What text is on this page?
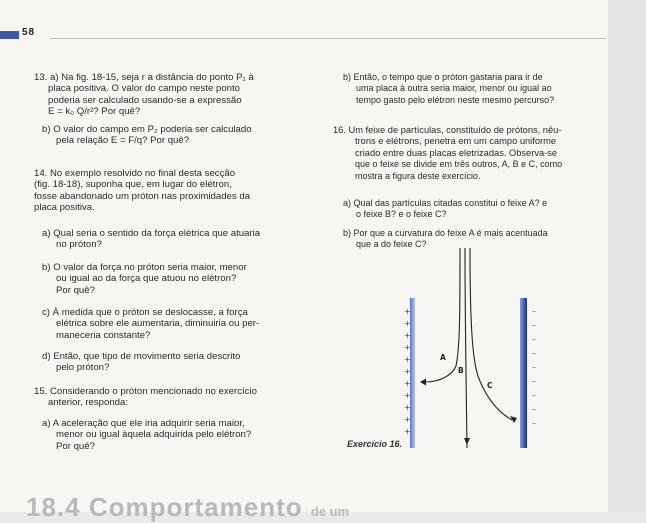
58
13. a) Na fig. 18-15, seja r a distância do ponto P₁ à
placa positiva. O valor do campo neste ponto
poderia ser calculado usando-se a expressão
E = k₀ Q/r²? Por quê?
b) O valor do campo em P₂ poderia ser calculado
pela relação E = F/q? Por quê?
14. No exemplo resolvido no final desta secção
(fig. 18-18), suponha que, em lugar do elétron,
fosse abandonado um próton nas proximidades da
placa positiva.
a) Qual seria o sentido da força elétrica que atuaria
no próton?
b) O valor da força no próton seria maior, menor
ou igual ao da força que atuou no elétron?
Por quê?
c) À medida que o próton se deslocasse, a força
elétrica sobre ele aumentaria, diminuiria ou per-
maneceria constante?
d) Então, que tipo de movimento seria descrito
pelo próton?
15. Considerando o próton mencionado no exercício
anterior, responda:
a) A aceleração que ele iria adquirir seria maior,
menor ou igual àquela adquirida pelo elétron?
Por quê?
b) Então, o tempo que o próton gastaria para ir de
uma placa à outra seria maior, menor ou igual ao
tempo gasto pelo elétron neste mesmo percurso?
16. Um feixe de partículas, constituído de prótons, nêu-
trons e elétrons, penetra em um campo uniforme
criado entre duas placas eletrizadas. Observa-se
que o feixe se divide em três outros, A, B e C, como
mostra a figura deste exercício.
a) Qual das partículas citadas constitui o feixe A? e
o feixe B? e o feixe C?
b) Por que a curvatura do feixe A é mais acentuada
que a do feixe C?
+
+
+
+
+
+
+
+
+
+
+
–
–
–
–
–
–
–
–
–
A
B
C
Exercício 16.
18.4 Comportamento de um
